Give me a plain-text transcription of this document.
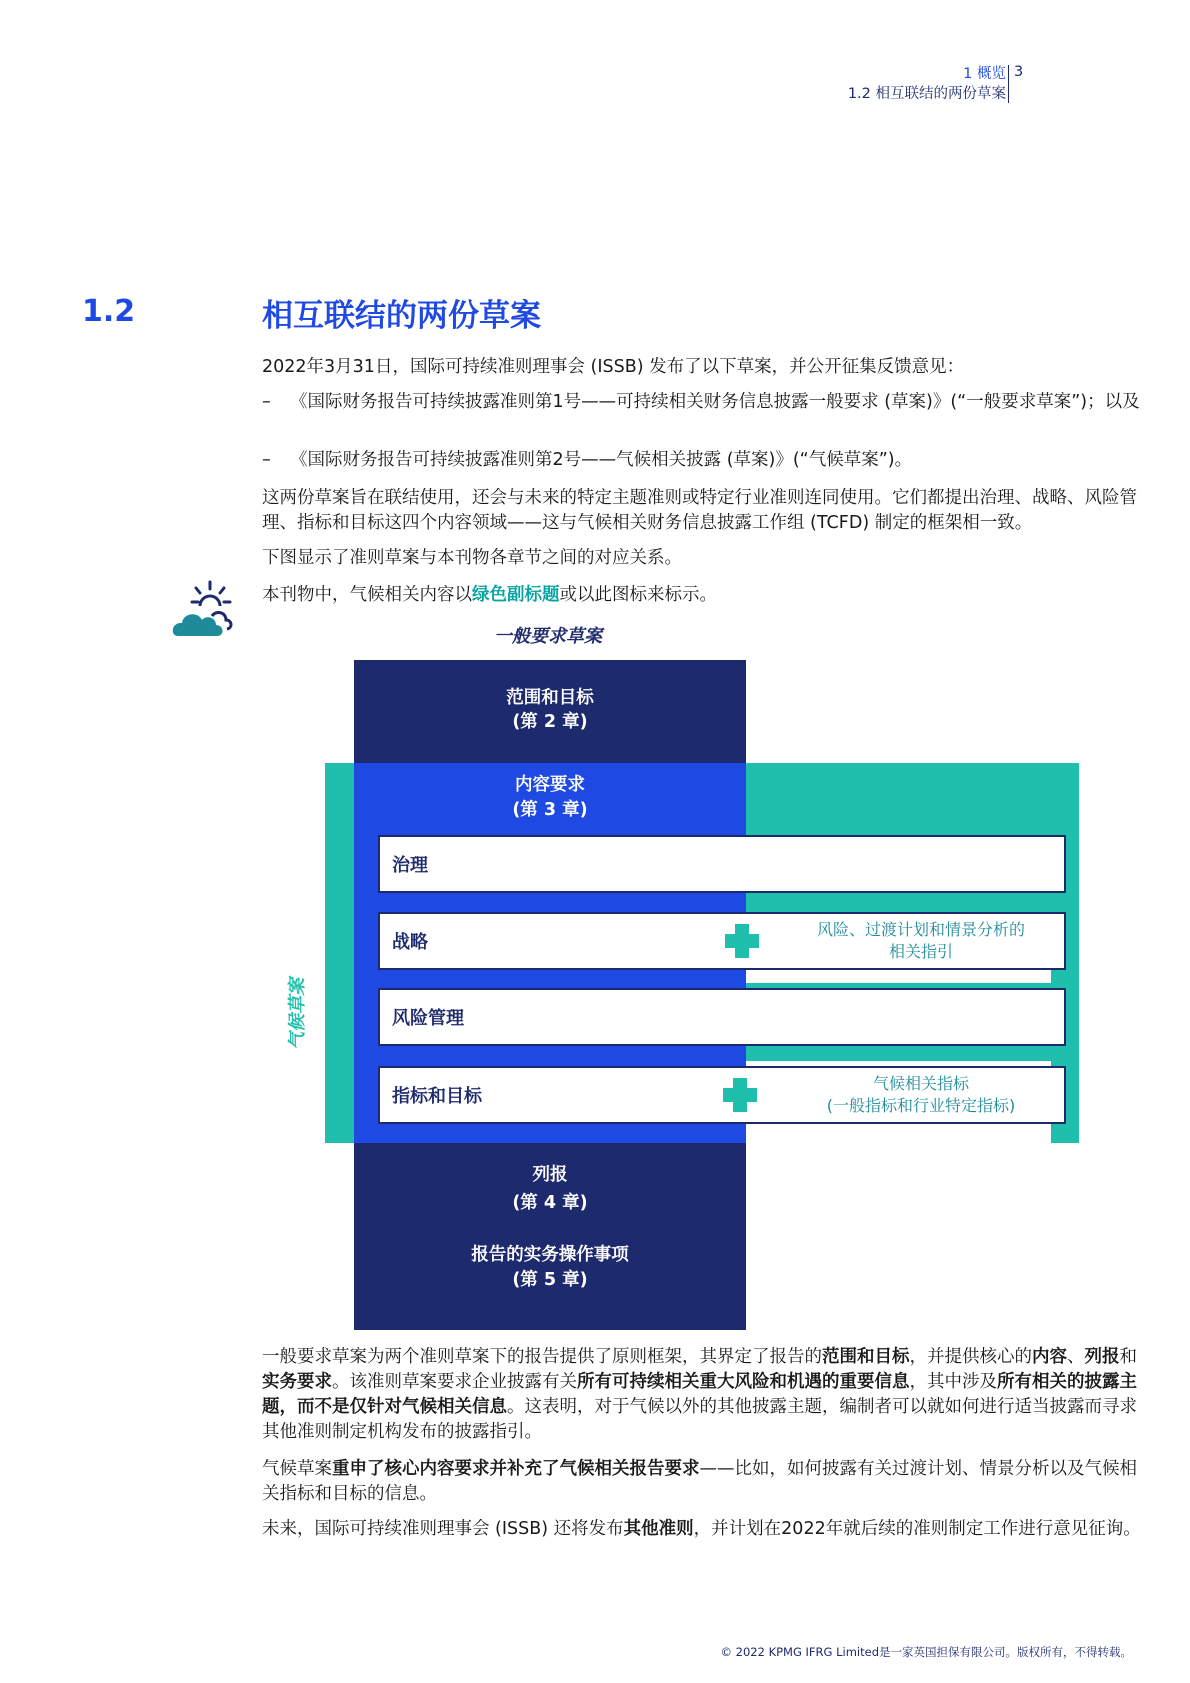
1 概览
1.2 相互联结的两份草案
3
1.2	相互联结的两份草案
2022年3月31日，国际可持续准则理事会 (ISSB) 发布了以下草案，并公开征集反馈意见：
– 《国际财务报告可持续披露准则第1号——可持续相关财务信息披露一般要求 (草案)》(“一般要求草案”)；以及
– 《国际财务报告可持续披露准则第2号——气候相关披露 (草案)》(“气候草案”)。
这两份草案旨在联结使用，还会与未来的特定主题准则或特定行业准则连同使用。它们都提出治理、战略、风险管理、指标和目标这四个内容领域——这与气候相关财务信息披露工作组 (TCFD) 制定的框架相一致。
下图显示了准则草案与本刊物各章节之间的对应关系。
本刊物中，气候相关内容以绿色副标题或以此图标来标示。
一般要求草案
气候草案
范围和目标
(第 2 章)
内容要求
(第 3 章)
治理
战略
风险、过渡计划和情景分析的
相关指引
风险管理
指标和目标
气候相关指标
(一般指标和行业特定指标)
列报
(第 4 章)
报告的实务操作事项
(第 5 章)
一般要求草案为两个准则草案下的报告提供了原则框架，其界定了报告的范围和目标，并提供核心的内容、列报和实务要求。该准则草案要求企业披露有关所有可持续相关重大风险和机遇的重要信息，其中涉及所有相关的披露主题，而不是仅针对气候相关信息。这表明，对于气候以外的其他披露主题，编制者可以就如何进行适当披露而寻求其他准则制定机构发布的披露指引。
气候草案重申了核心内容要求并补充了气候相关报告要求——比如，如何披露有关过渡计划、情景分析以及气候相关指标和目标的信息。
未来，国际可持续准则理事会 (ISSB) 还将发布其他准则，并计划在2022年就后续的准则制定工作进行意见征询。
© 2022 KPMG IFRG Limited是一家英国担保有限公司。版权所有，不得转载。
